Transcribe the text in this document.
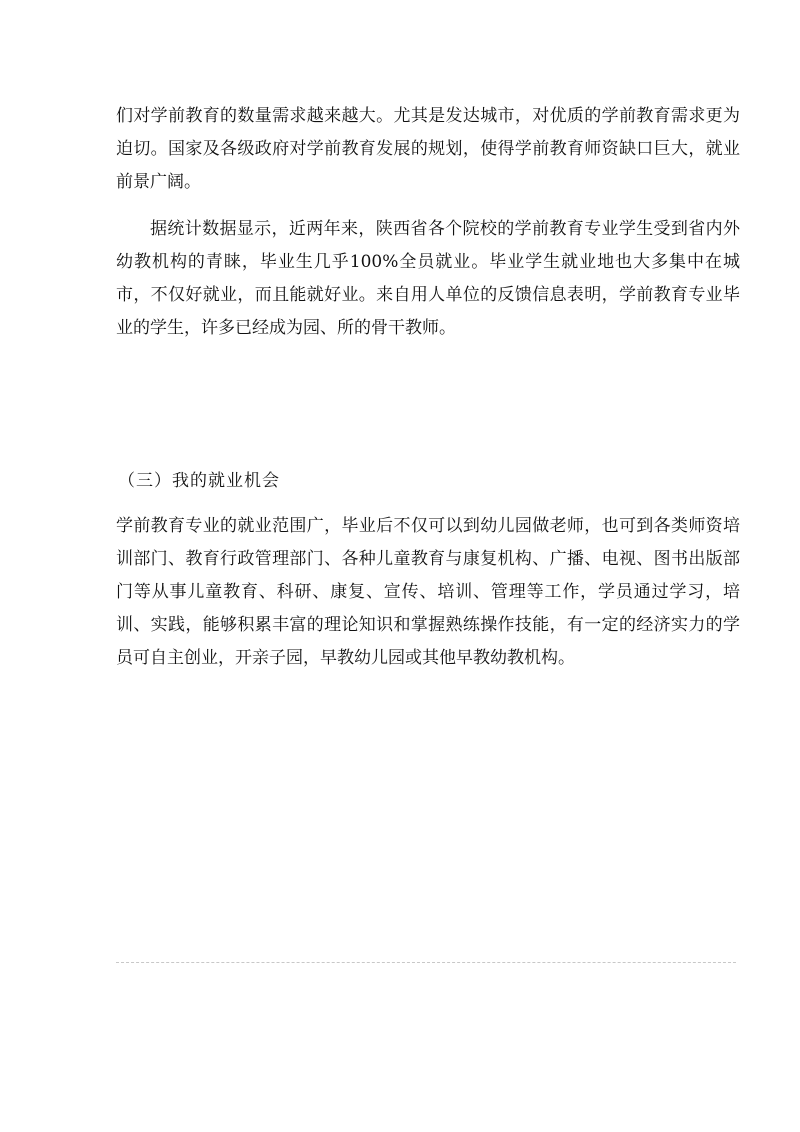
们对学前教育的数量需求越来越大。尤其是发达城市，对优质的学前教育需求更为迫切。国家及各级政府对学前教育发展的规划，使得学前教育师资缺口巨大，就业前景广阔。

据统计数据显示，近两年来，陕西省各个院校的学前教育专业学生受到省内外幼教机构的青睐，毕业生几乎100%全员就业。毕业学生就业地也大多集中在城市，不仅好就业，而且能就好业。来自用人单位的反馈信息表明，学前教育专业毕业的学生，许多已经成为园、所的骨干教师。

（三）我的就业机会

学前教育专业的就业范围广，毕业后不仅可以到幼儿园做老师，也可到各类师资培训部门、教育行政管理部门、各种儿童教育与康复机构、广播、电视、图书出版部门等从事儿童教育、科研、康复、宣传、培训、管理等工作，学员通过学习，培训、实践，能够积累丰富的理论知识和掌握熟练操作技能，有一定的经济实力的学员可自主创业，开亲子园，早教幼儿园或其他早教幼教机构。
